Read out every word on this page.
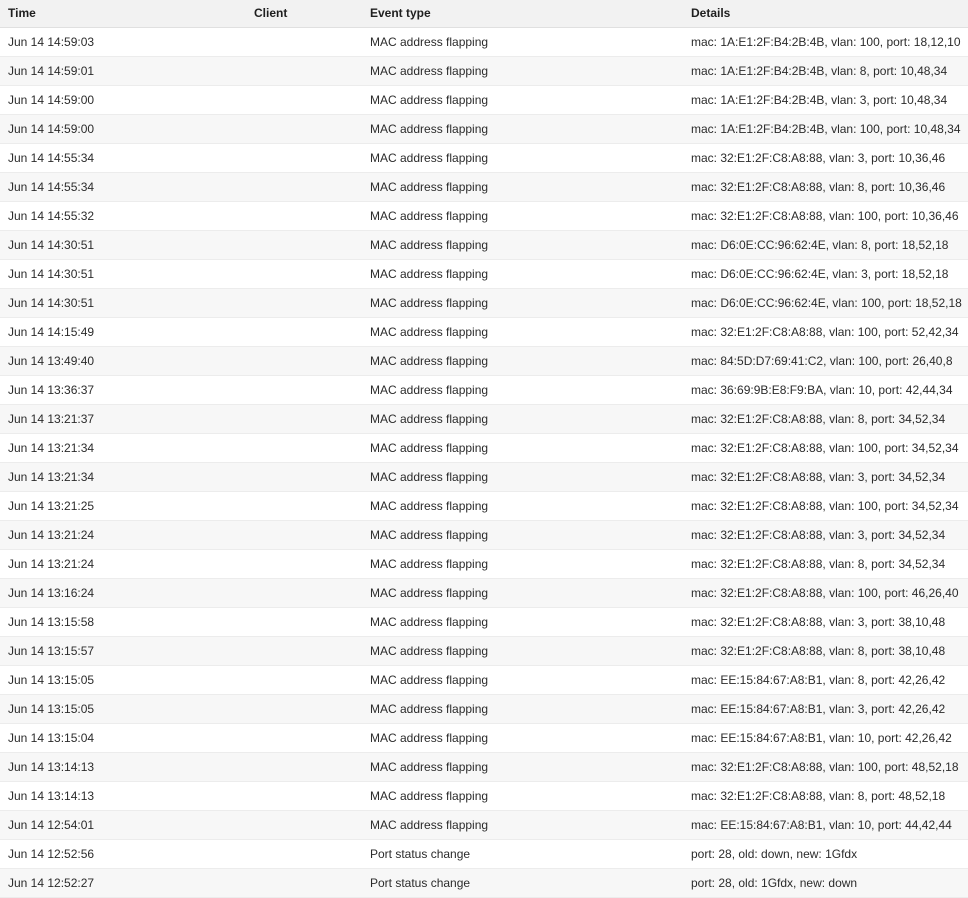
Time	Client	Event type	Details
Jun 14 14:59:03		MAC address flapping	mac: 1A:E1:2F:B4:2B:4B, vlan: 100, port: 18,12,10
Jun 14 14:59:01		MAC address flapping	mac: 1A:E1:2F:B4:2B:4B, vlan: 8, port: 10,48,34
Jun 14 14:59:00		MAC address flapping	mac: 1A:E1:2F:B4:2B:4B, vlan: 3, port: 10,48,34
Jun 14 14:59:00		MAC address flapping	mac: 1A:E1:2F:B4:2B:4B, vlan: 100, port: 10,48,34
Jun 14 14:55:34		MAC address flapping	mac: 32:E1:2F:C8:A8:88, vlan: 3, port: 10,36,46
Jun 14 14:55:34		MAC address flapping	mac: 32:E1:2F:C8:A8:88, vlan: 8, port: 10,36,46
Jun 14 14:55:32		MAC address flapping	mac: 32:E1:2F:C8:A8:88, vlan: 100, port: 10,36,46
Jun 14 14:30:51		MAC address flapping	mac: D6:0E:CC:96:62:4E, vlan: 8, port: 18,52,18
Jun 14 14:30:51		MAC address flapping	mac: D6:0E:CC:96:62:4E, vlan: 3, port: 18,52,18
Jun 14 14:30:51		MAC address flapping	mac: D6:0E:CC:96:62:4E, vlan: 100, port: 18,52,18
Jun 14 14:15:49		MAC address flapping	mac: 32:E1:2F:C8:A8:88, vlan: 100, port: 52,42,34
Jun 14 13:49:40		MAC address flapping	mac: 84:5D:D7:69:41:C2, vlan: 100, port: 26,40,8
Jun 14 13:36:37		MAC address flapping	mac: 36:69:9B:E8:F9:BA, vlan: 10, port: 42,44,34
Jun 14 13:21:37		MAC address flapping	mac: 32:E1:2F:C8:A8:88, vlan: 8, port: 34,52,34
Jun 14 13:21:34		MAC address flapping	mac: 32:E1:2F:C8:A8:88, vlan: 100, port: 34,52,34
Jun 14 13:21:34		MAC address flapping	mac: 32:E1:2F:C8:A8:88, vlan: 3, port: 34,52,34
Jun 14 13:21:25		MAC address flapping	mac: 32:E1:2F:C8:A8:88, vlan: 100, port: 34,52,34
Jun 14 13:21:24		MAC address flapping	mac: 32:E1:2F:C8:A8:88, vlan: 3, port: 34,52,34
Jun 14 13:21:24		MAC address flapping	mac: 32:E1:2F:C8:A8:88, vlan: 8, port: 34,52,34
Jun 14 13:16:24		MAC address flapping	mac: 32:E1:2F:C8:A8:88, vlan: 100, port: 46,26,40
Jun 14 13:15:58		MAC address flapping	mac: 32:E1:2F:C8:A8:88, vlan: 3, port: 38,10,48
Jun 14 13:15:57		MAC address flapping	mac: 32:E1:2F:C8:A8:88, vlan: 8, port: 38,10,48
Jun 14 13:15:05		MAC address flapping	mac: EE:15:84:67:A8:B1, vlan: 8, port: 42,26,42
Jun 14 13:15:05		MAC address flapping	mac: EE:15:84:67:A8:B1, vlan: 3, port: 42,26,42
Jun 14 13:15:04		MAC address flapping	mac: EE:15:84:67:A8:B1, vlan: 10, port: 42,26,42
Jun 14 13:14:13		MAC address flapping	mac: 32:E1:2F:C8:A8:88, vlan: 100, port: 48,52,18
Jun 14 13:14:13		MAC address flapping	mac: 32:E1:2F:C8:A8:88, vlan: 8, port: 48,52,18
Jun 14 12:54:01		MAC address flapping	mac: EE:15:84:67:A8:B1, vlan: 10, port: 44,42,44
Jun 14 12:52:56		Port status change	port: 28, old: down, new: 1Gfdx
Jun 14 12:52:27		Port status change	port: 28, old: 1Gfdx, new: down
